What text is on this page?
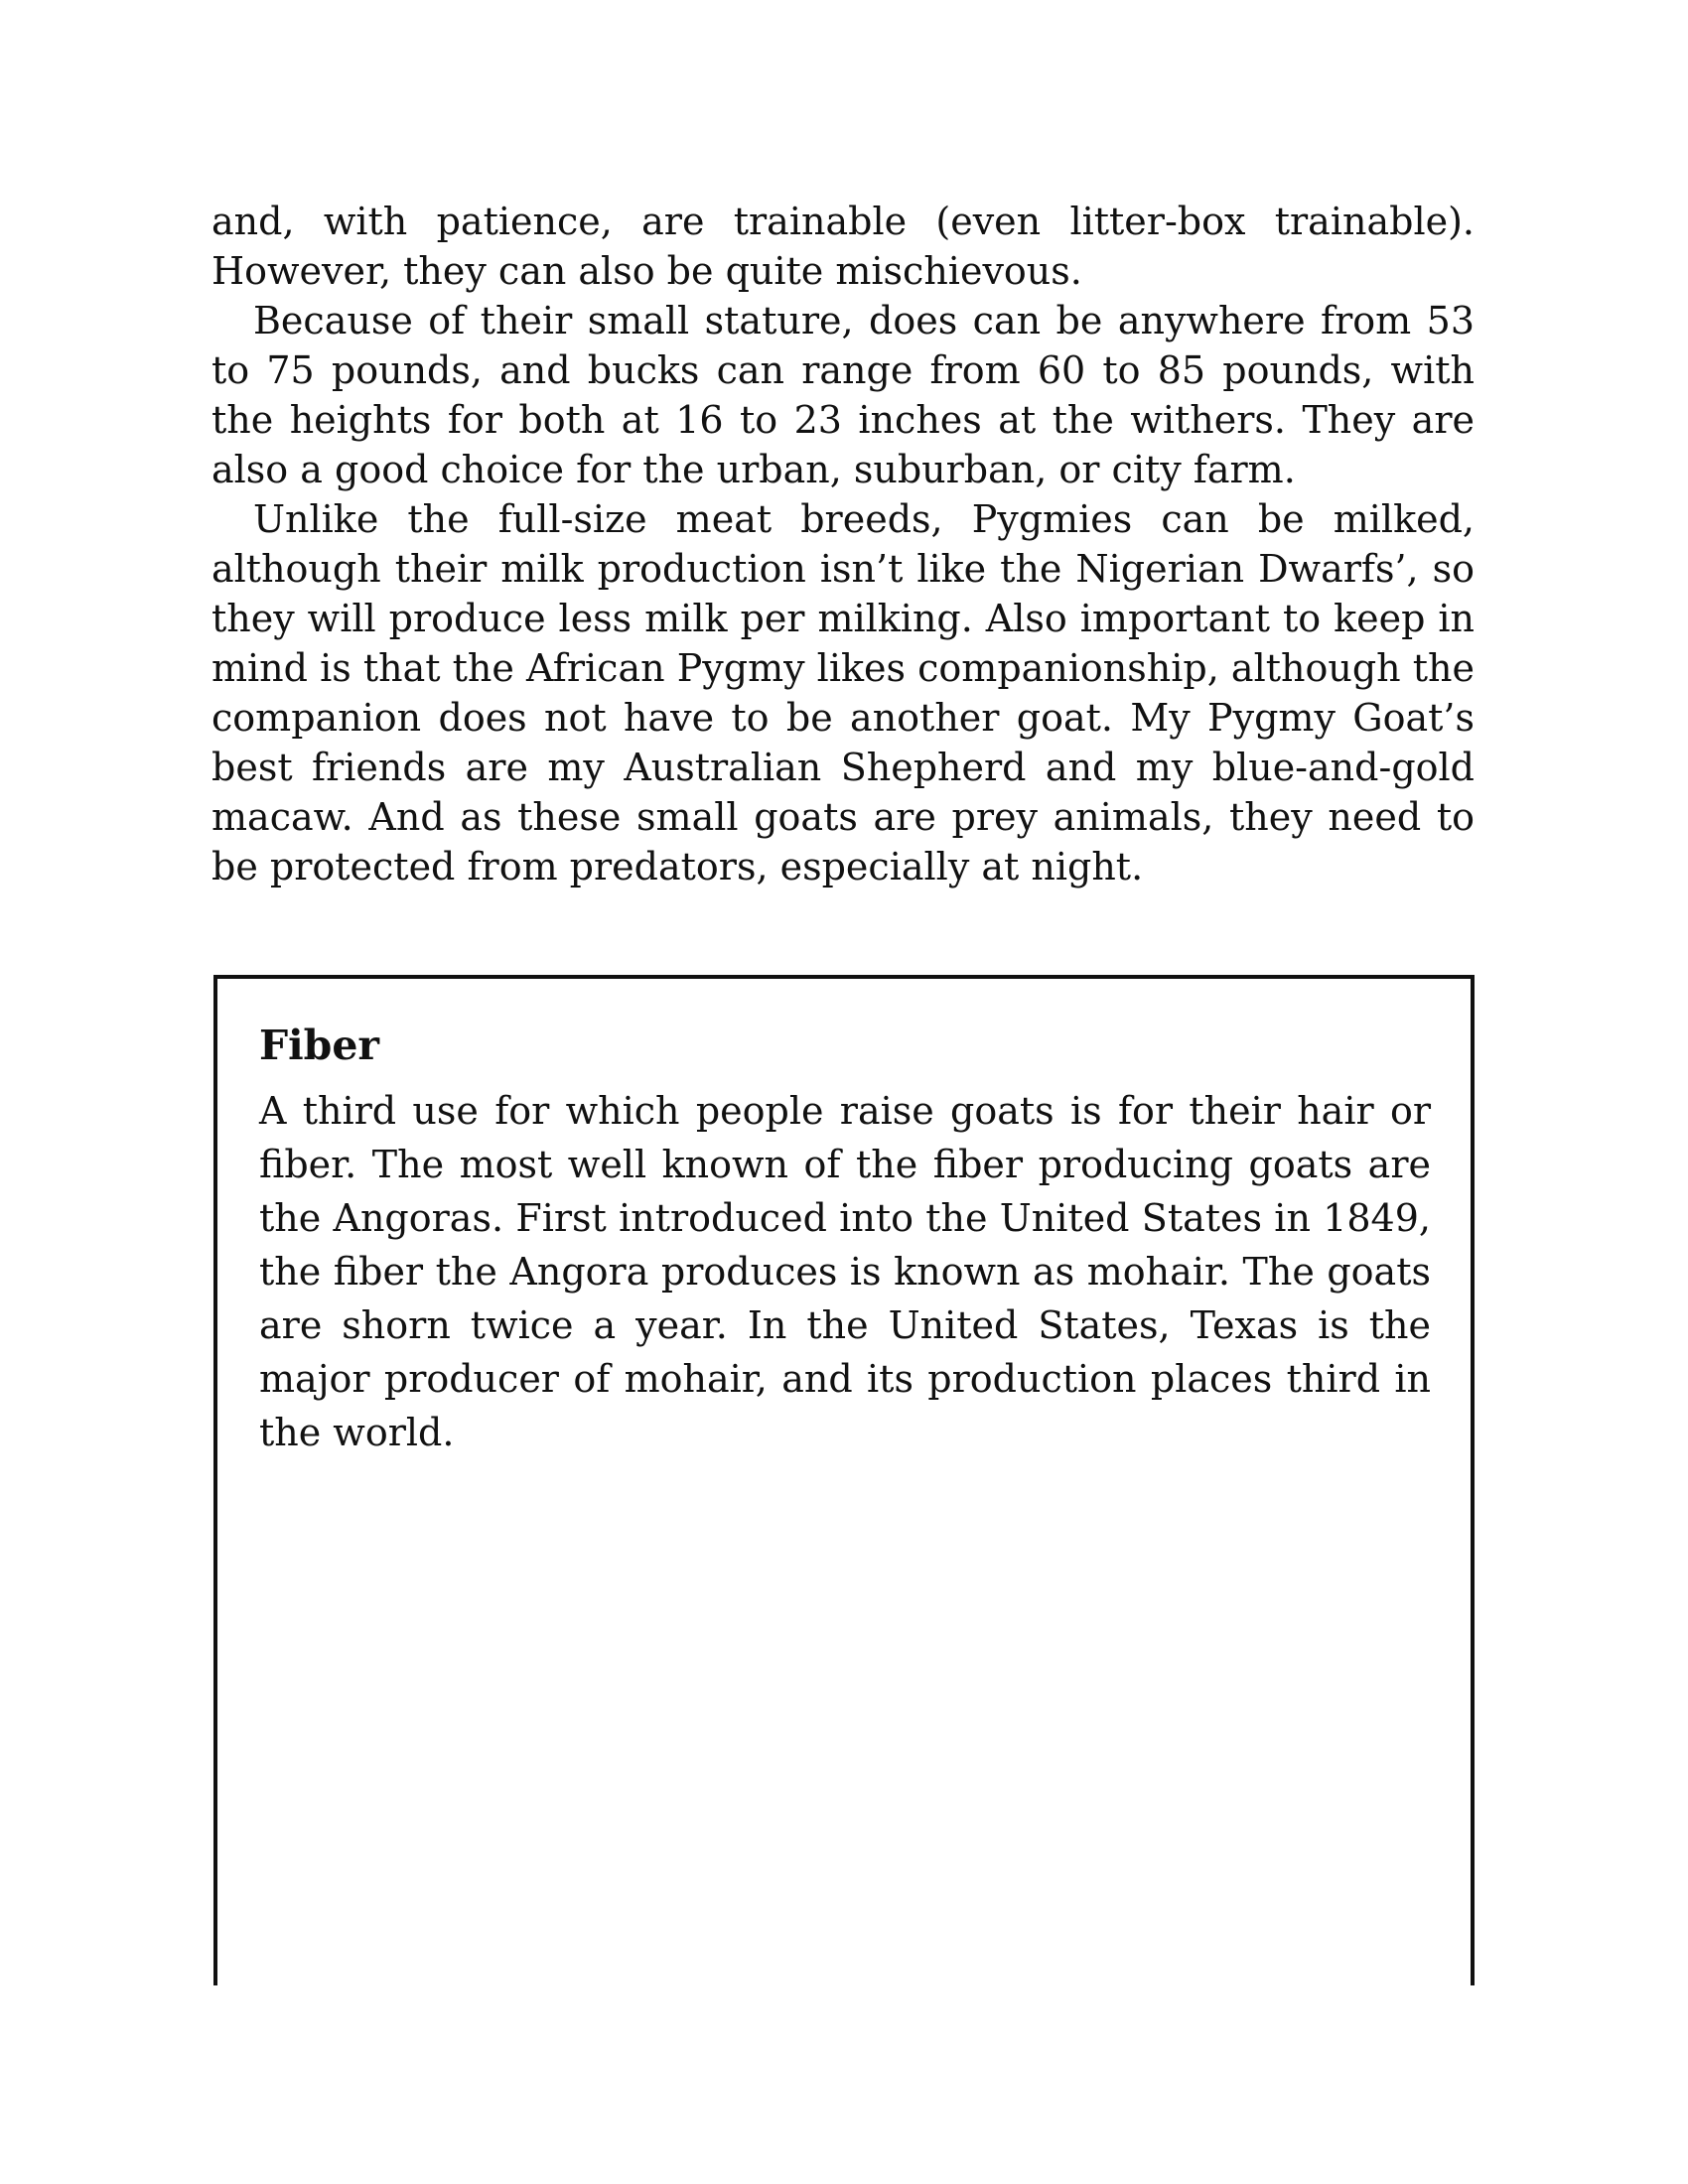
and, with patience, are trainable (even litter-box trainable). However, they can also be quite mischievous.

Because of their small stature, does can be anywhere from 53 to 75 pounds, and bucks can range from 60 to 85 pounds, with the heights for both at 16 to 23 inches at the withers. They are also a good choice for the urban, suburban, or city farm.

Unlike the full-size meat breeds, Pygmies can be milked, although their milk production isn’t like the Nigerian Dwarfs’, so they will produce less milk per milking. Also important to keep in mind is that the African Pygmy likes companionship, although the companion does not have to be another goat. My Pygmy Goat’s best friends are my Australian Shepherd and my blue-and-gold macaw. And as these small goats are prey animals, they need to be protected from predators, especially at night.

Fiber

A third use for which people raise goats is for their hair or fiber. The most well known of the fiber producing goats are the Angoras. First introduced into the United States in 1849, the fiber the Angora produces is known as mohair. The goats are shorn twice a year. In the United States, Texas is the major producer of mohair, and its production places third in the world.
